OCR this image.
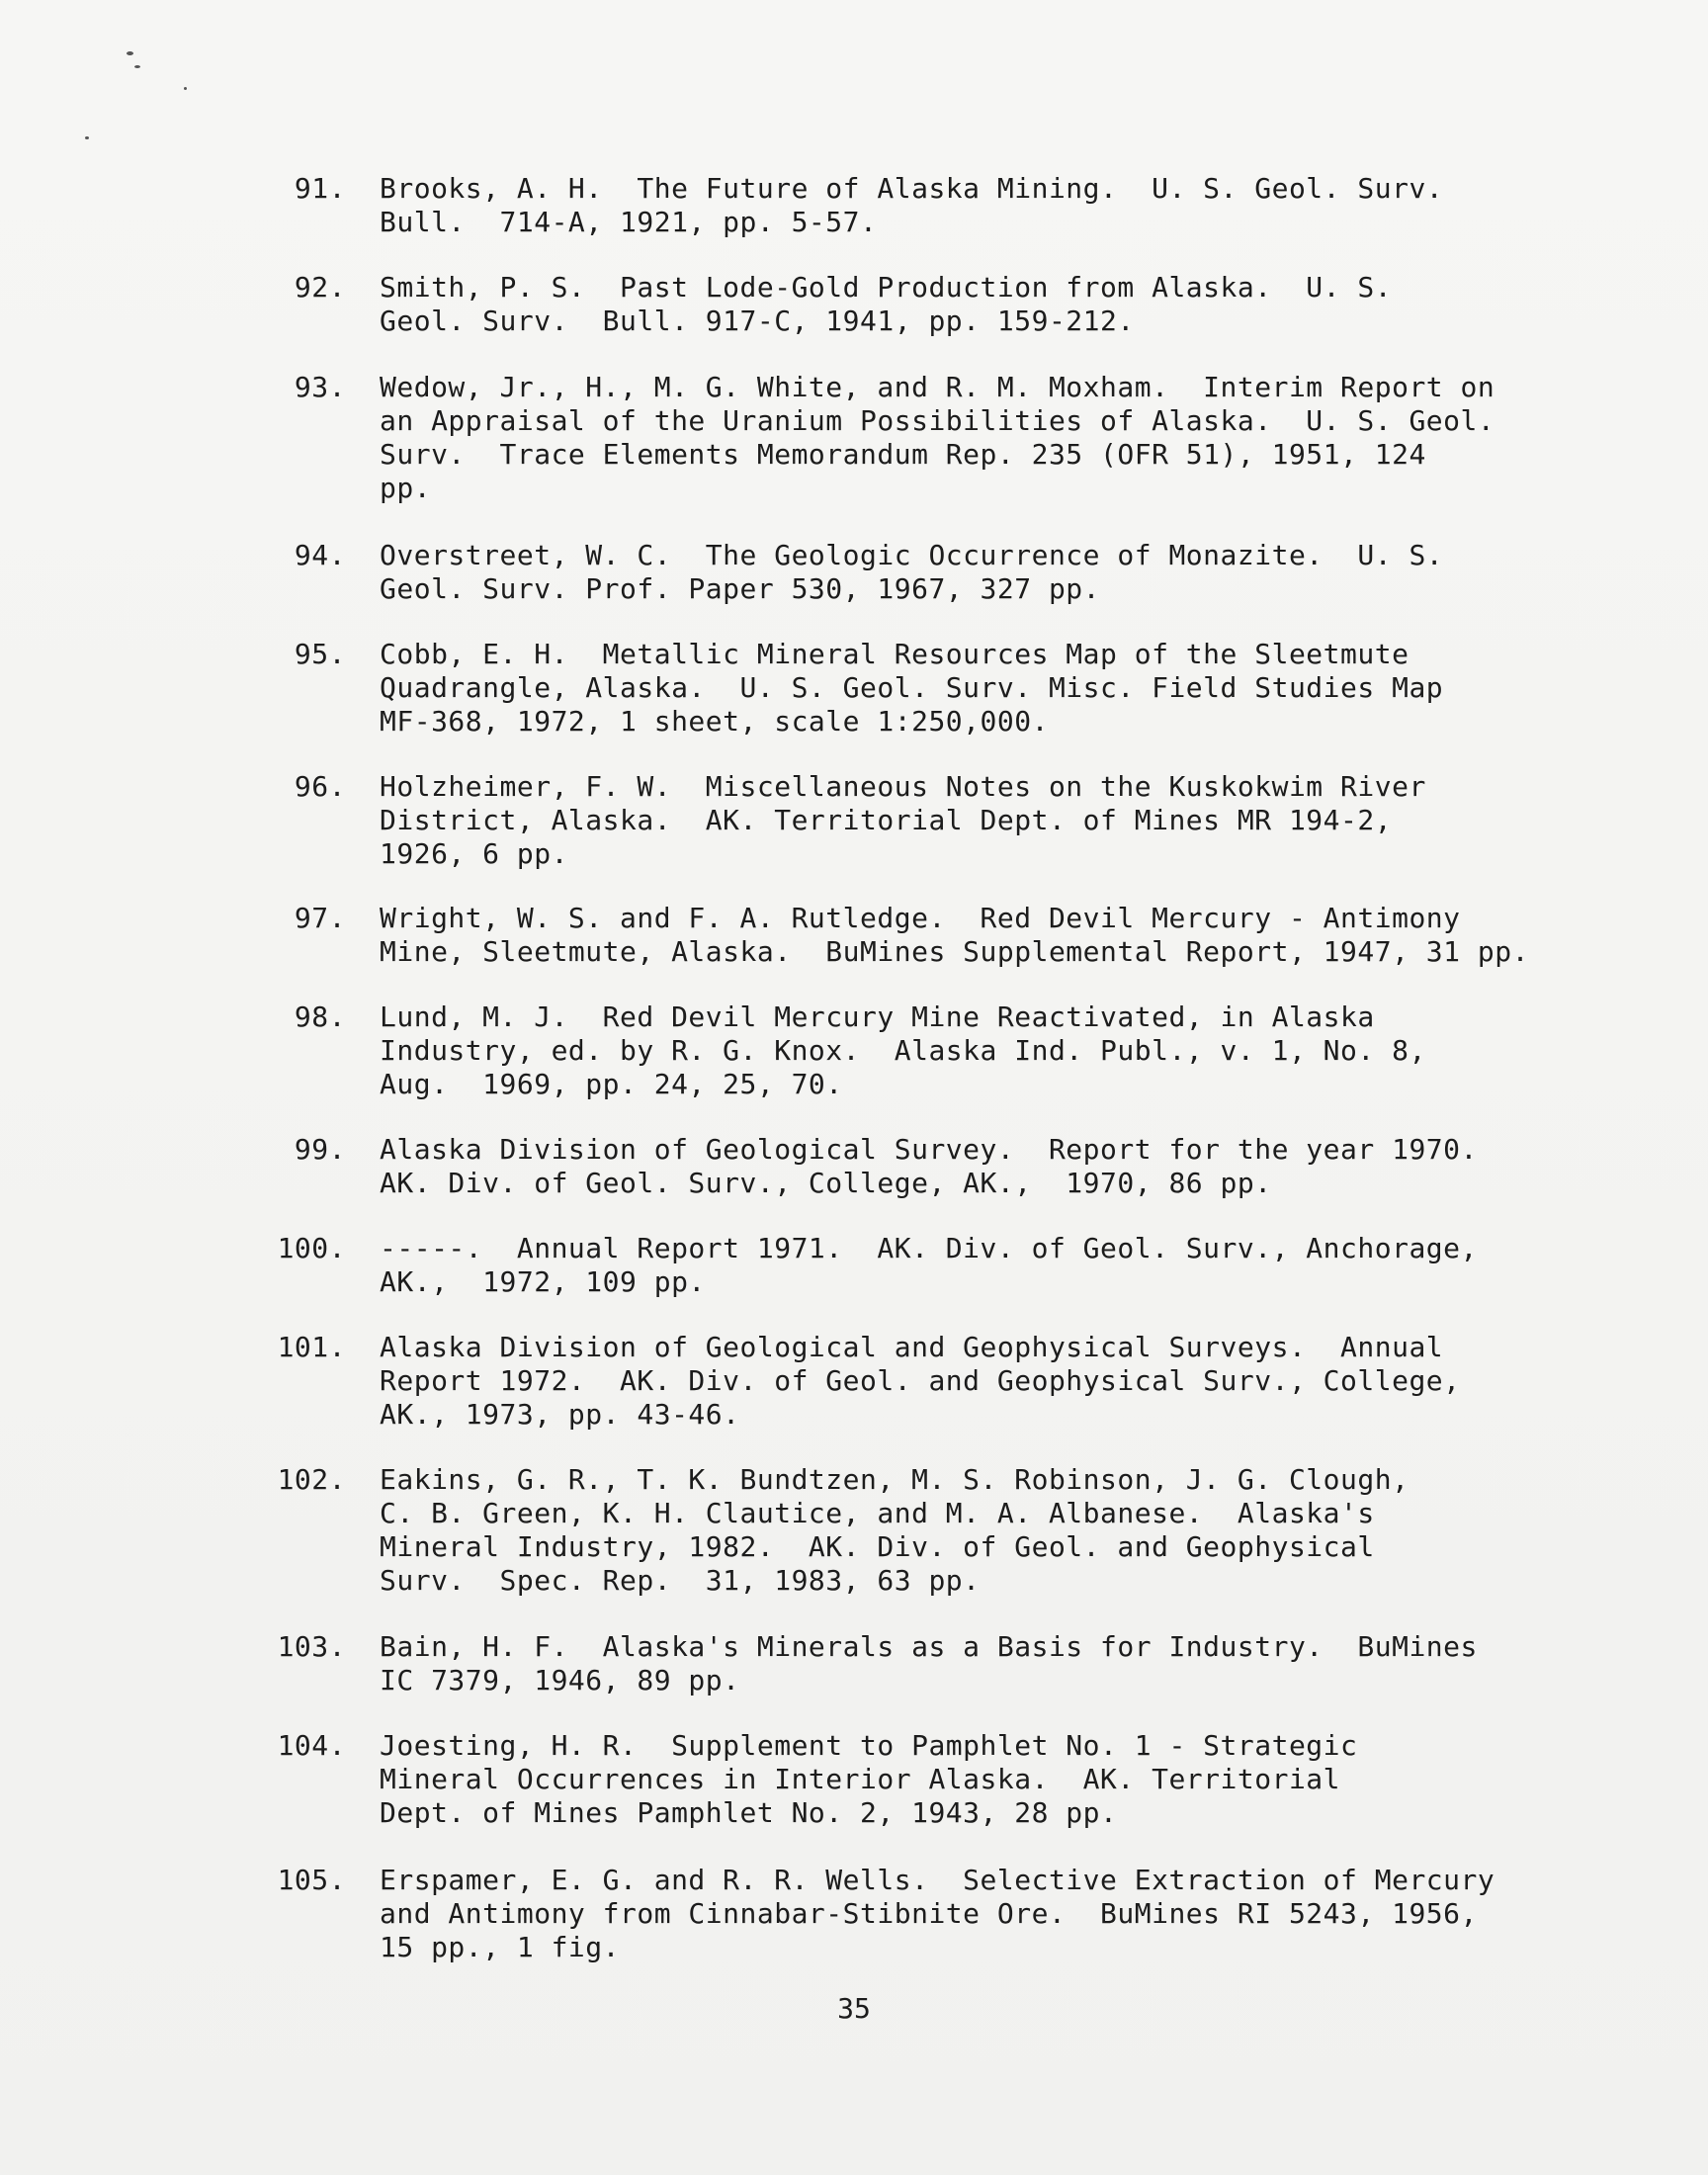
91. Brooks, A. H.  The Future of Alaska Mining.  U. S. Geol. Surv.
Bull.  714-A, 1921, pp. 5-57.
92. Smith, P. S.  Past Lode-Gold Production from Alaska.  U. S.
Geol. Surv.  Bull. 917-C, 1941, pp. 159-212.
93. Wedow, Jr., H., M. G. White, and R. M. Moxham.  Interim Report on
an Appraisal of the Uranium Possibilities of Alaska.  U. S. Geol.
Surv.  Trace Elements Memorandum Rep. 235 (OFR 51), 1951, 124
pp.
94. Overstreet, W. C.  The Geologic Occurrence of Monazite.  U. S.
Geol. Surv. Prof. Paper 530, 1967, 327 pp.
95. Cobb, E. H.  Metallic Mineral Resources Map of the Sleetmute
Quadrangle, Alaska.  U. S. Geol. Surv. Misc. Field Studies Map
MF-368, 1972, 1 sheet, scale 1:250,000.
96. Holzheimer, F. W.  Miscellaneous Notes on the Kuskokwim River
District, Alaska.  AK. Territorial Dept. of Mines MR 194-2,
1926, 6 pp.
97. Wright, W. S. and F. A. Rutledge.  Red Devil Mercury - Antimony
Mine, Sleetmute, Alaska.  BuMines Supplemental Report, 1947, 31 pp.
98. Lund, M. J.  Red Devil Mercury Mine Reactivated, in Alaska
Industry, ed. by R. G. Knox.  Alaska Ind. Publ., v. 1, No. 8,
Aug.  1969, pp. 24, 25, 70.
99. Alaska Division of Geological Survey.  Report for the year 1970.
AK. Div. of Geol. Surv., College, AK.,  1970, 86 pp.
100. -----.  Annual Report 1971.  AK. Div. of Geol. Surv., Anchorage,
AK.,  1972, 109 pp.
101. Alaska Division of Geological and Geophysical Surveys.  Annual
Report 1972.  AK. Div. of Geol. and Geophysical Surv., College,
AK., 1973, pp. 43-46.
102. Eakins, G. R., T. K. Bundtzen, M. S. Robinson, J. G. Clough,
C. B. Green, K. H. Clautice, and M. A. Albanese.  Alaska's
Mineral Industry, 1982.  AK. Div. of Geol. and Geophysical
Surv.  Spec. Rep.  31, 1983, 63 pp.
103. Bain, H. F.  Alaska's Minerals as a Basis for Industry.  BuMines
IC 7379, 1946, 89 pp.
104. Joesting, H. R.  Supplement to Pamphlet No. 1 - Strategic
Mineral Occurrences in Interior Alaska.  AK. Territorial
Dept. of Mines Pamphlet No. 2, 1943, 28 pp.
105. Erspamer, E. G. and R. R. Wells.  Selective Extraction of Mercury
and Antimony from Cinnabar-Stibnite Ore.  BuMines RI 5243, 1956,
15 pp., 1 fig.
35
